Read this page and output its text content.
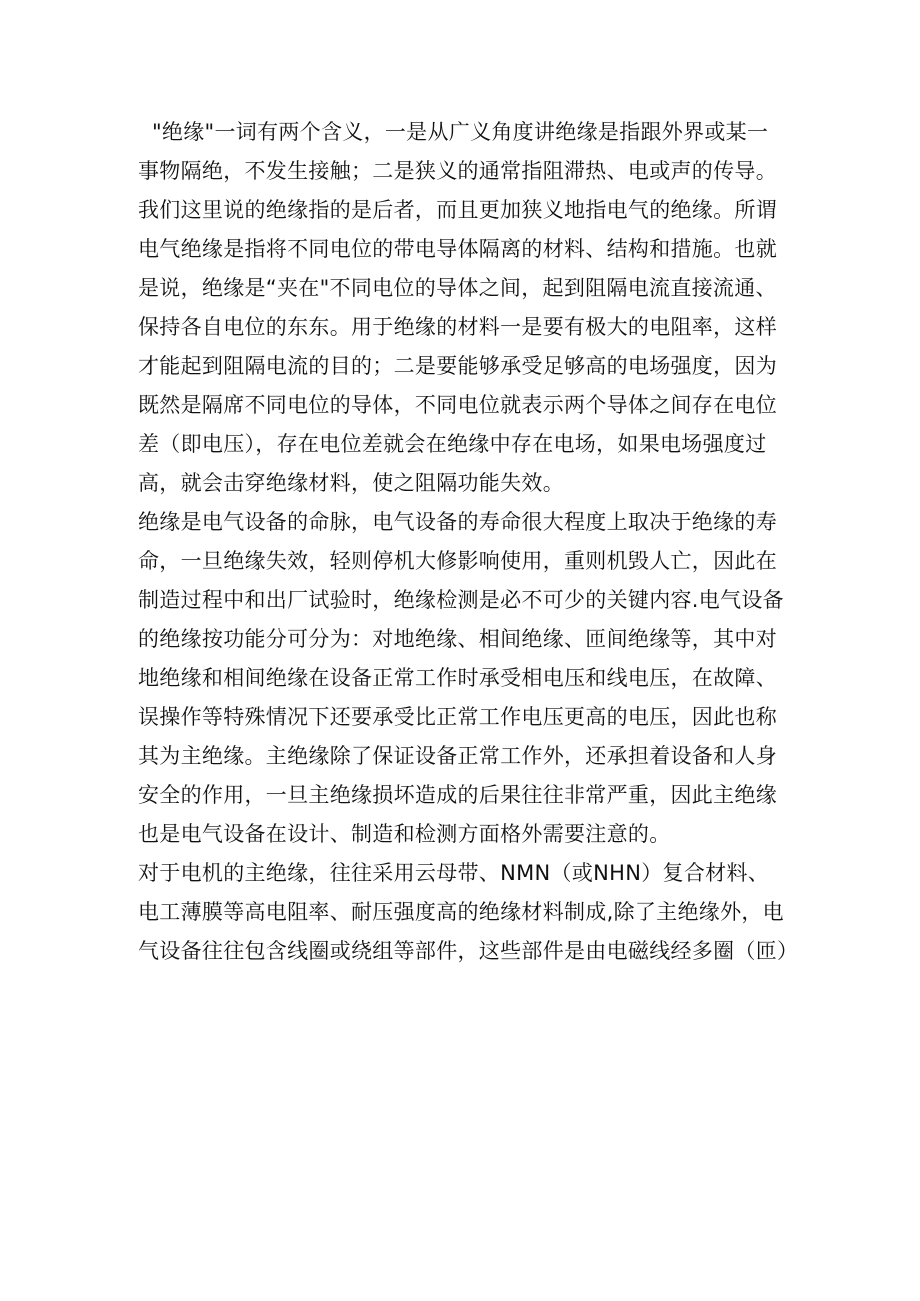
"绝缘"一词有两个含义，一是从广义角度讲绝缘是指跟外界或某一
事物隔绝，不发生接触；二是狭义的通常指阻滞热、电或声的传导。
我们这里说的绝缘指的是后者，而且更加狭义地指电气的绝缘。所谓
电气绝缘是指将不同电位的带电导体隔离的材料、结构和措施。也就
是说，绝缘是“夹在"不同电位的导体之间，起到阻隔电流直接流通、
保持各自电位的东东。用于绝缘的材料一是要有极大的电阻率，这样
才能起到阻隔电流的目的；二是要能够承受足够高的电场强度，因为
既然是隔席不同电位的导体，不同电位就表示两个导体之间存在电位
差（即电压），存在电位差就会在绝缘中存在电场，如果电场强度过
高，就会击穿绝缘材料，使之阻隔功能失效。
绝缘是电气设备的命脉，电气设备的寿命很大程度上取决于绝缘的寿
命，一旦绝缘失效，轻则停机大修影响使用，重则机毁人亡，因此在
制造过程中和出厂试验时，绝缘检测是必不可少的关键内容.电气设备
的绝缘按功能分可分为：对地绝缘、相间绝缘、匝间绝缘等，其中对
地绝缘和相间绝缘在设备正常工作时承受相电压和线电压，在故障、
误操作等特殊情况下还要承受比正常工作电压更高的电压，因此也称
其为主绝缘。主绝缘除了保证设备正常工作外，还承担着设备和人身
安全的作用，一旦主绝缘损坏造成的后果往往非常严重，因此主绝缘
也是电气设备在设计、制造和检测方面格外需要注意的。
对于电机的主绝缘，往往采用云母带、NMN（或NHN）复合材料、
电工薄膜等高电阻率、耐压强度高的绝缘材料制成,除了主绝缘外，电
气设备往往包含线圈或绕组等部件，这些部件是由电磁线经多圈（匝）
